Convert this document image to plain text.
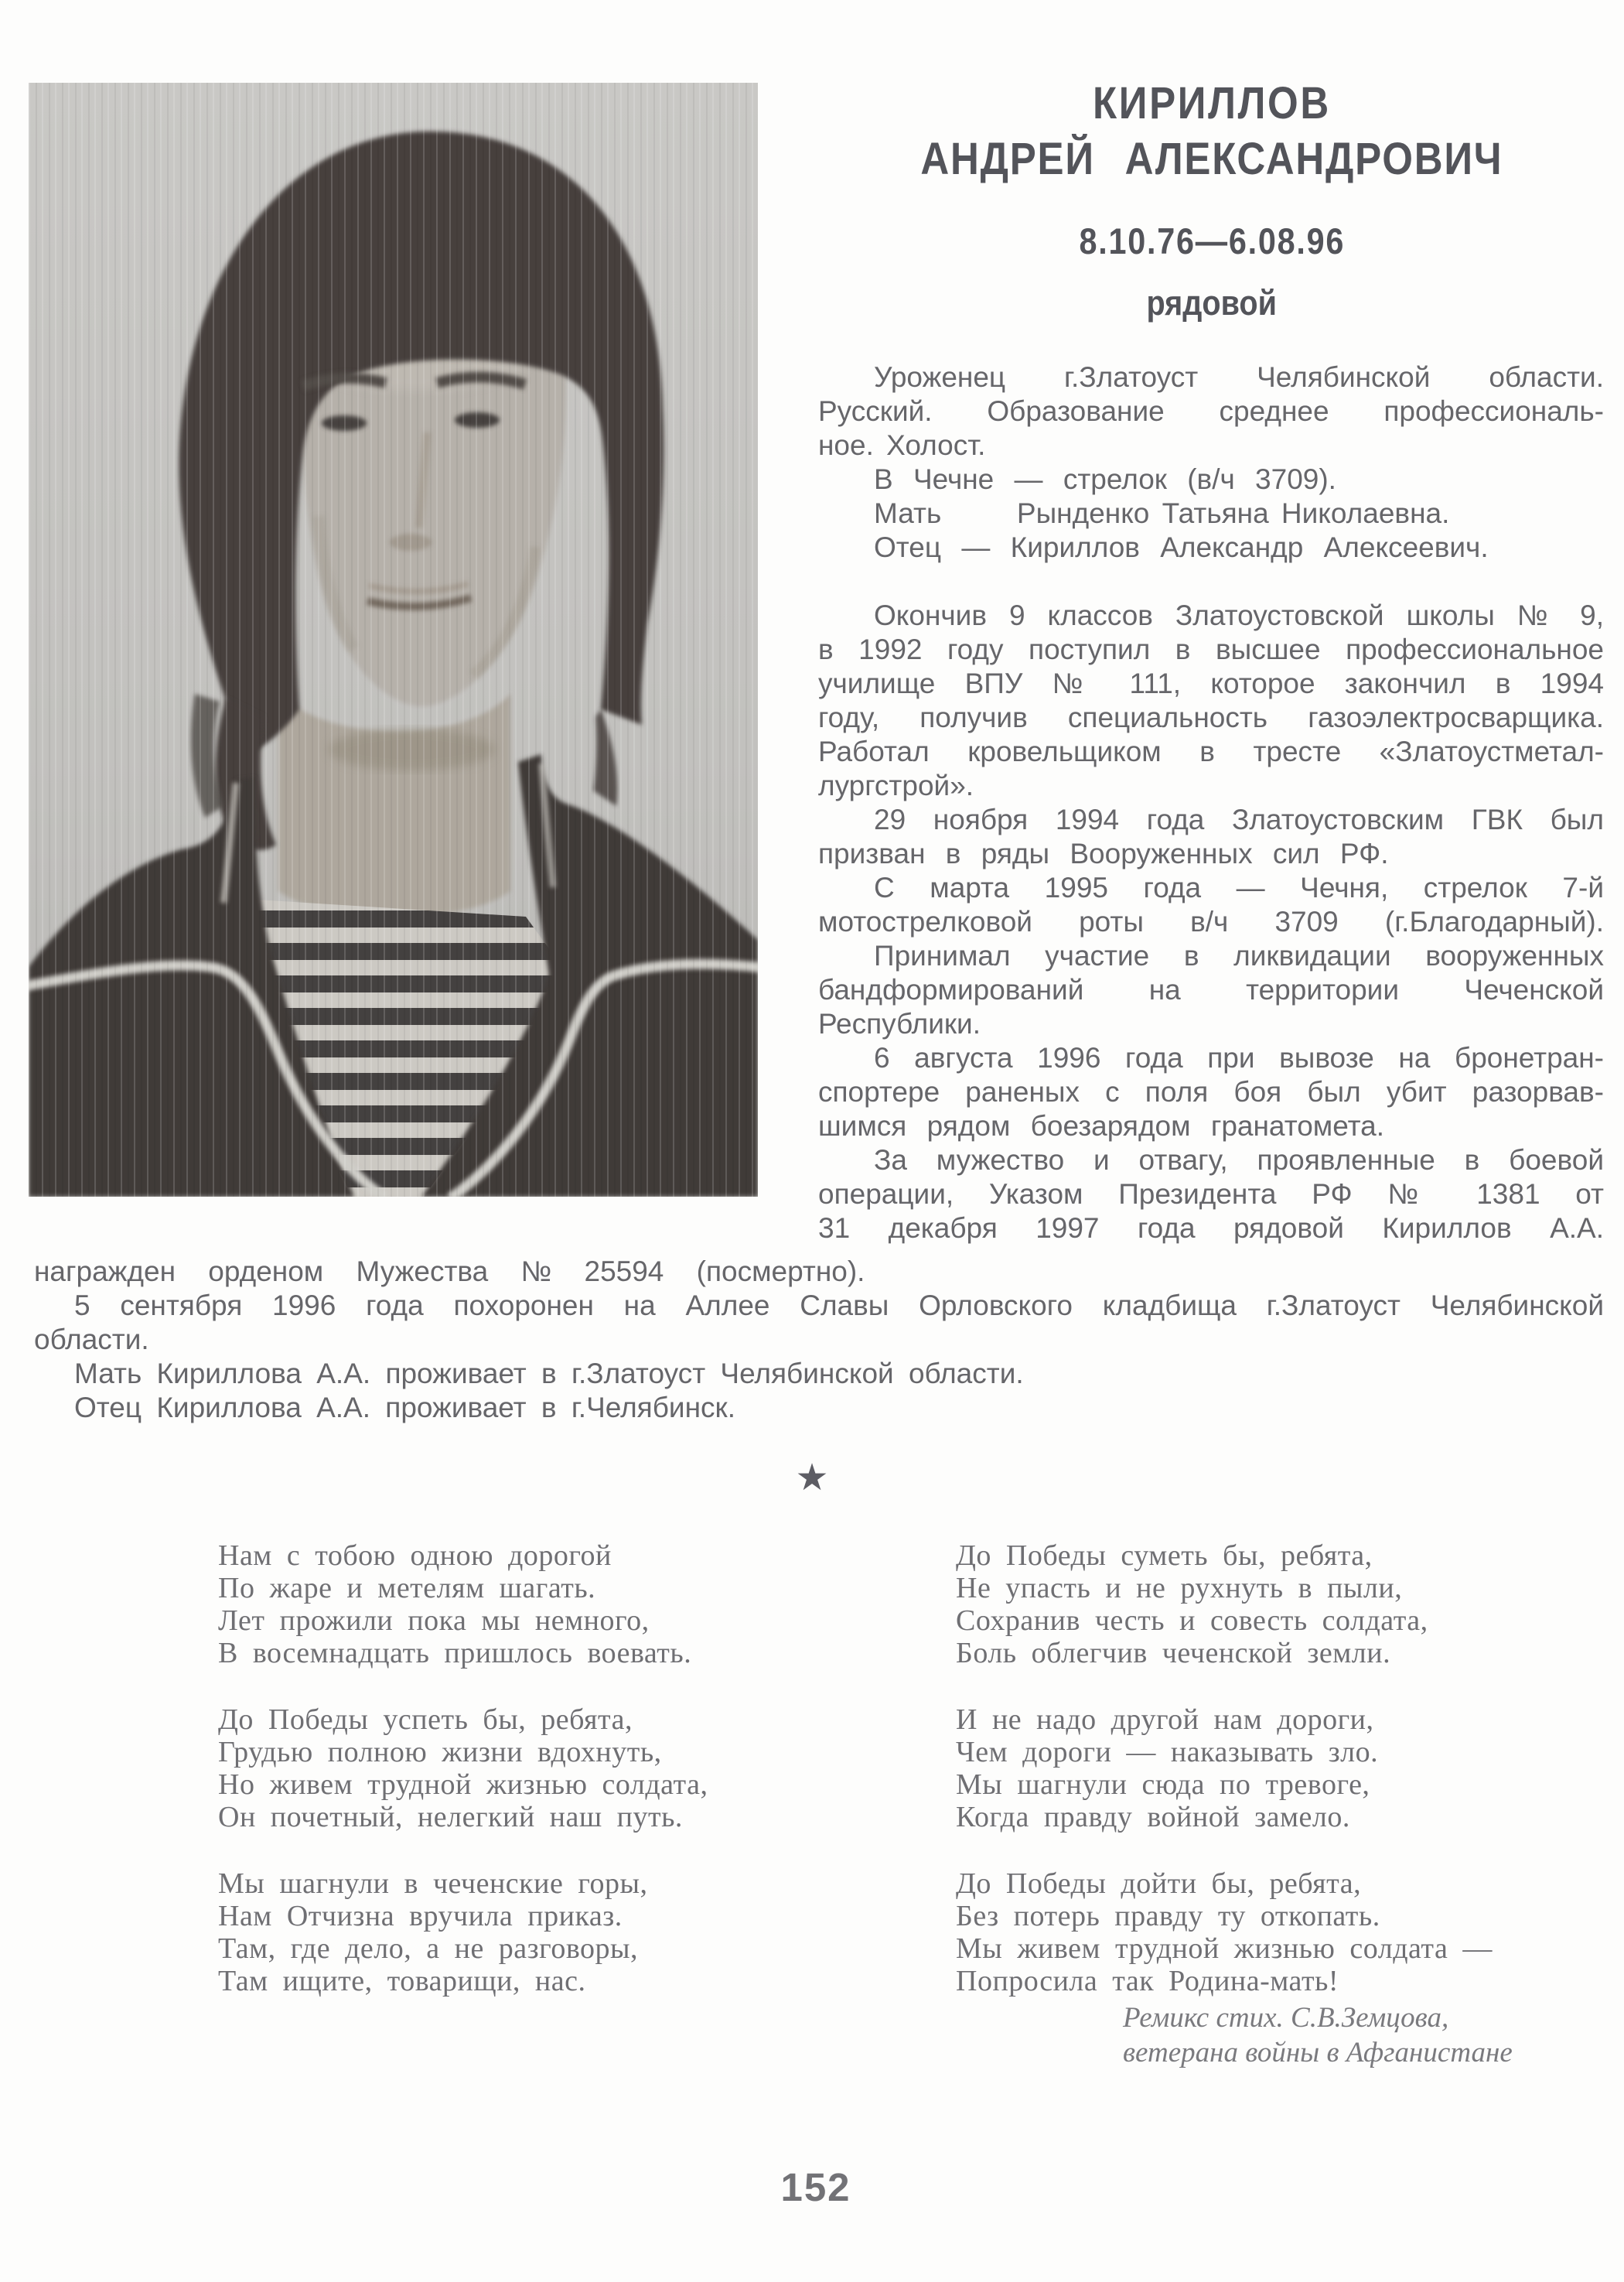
КИРИЛЛОВ
АНДРЕЙ АЛЕКСАНДРОВИЧ
8.10.76—6.08.96
рядовой
Уроженец г.Златоуст Челябинской области.
Русский. Образование среднее профессиональ-
ное. Холост.
В Чечне — стрелок (в/ч 3709).
Мать      Рынденко Татьяна Николаевна.
Отец — Кириллов Александр Алексеевич.
Окончив 9 классов Златоустовской школы № 9,
в 1992 году поступил в высшее профессиональное
училище ВПУ № 111, которое закончил в 1994
году, получив специальность газоэлектросварщика.
Работал кровельщиком в тресте «Златоустметал-
лургстрой».
29 ноября 1994 года Златоустовским ГВК был
призван в ряды Вооруженных сил РФ.
С марта 1995 года — Чечня, стрелок 7-й
мотострелковой роты в/ч 3709 (г.Благодарный).
Принимал участие в ликвидации вооруженных
бандформирований на территории Чеченской
Республики.
6 августа 1996 года при вывозе на бронетран-
спортере раненых с поля боя был убит разорвав-
шимся рядом боезарядом гранатомета.
За мужество и отвагу, проявленные в боевой
операции, Указом Президента РФ № 1381 от
31 декабря 1997 года рядовой Кириллов А.А.
награжден орденом Мужества № 25594 (посмертно).
5 сентября 1996 года похоронен на Аллее Славы Орловского кладбища г.Златоуст Челябинской
области.
Мать Кириллова А.А. проживает в г.Златоуст Челябинской области.
Отец Кириллова А.А. проживает в г.Челябинск.
★
Нам с тобою одною дорогой
По жаре и метелям шагать.
Лет прожили пока мы немного,
В восемнадцать пришлось воевать.
До Победы успеть бы, ребята,
Грудью полною жизни вдохнуть,
Но живем трудной жизнью солдата,
Он почетный, нелегкий наш путь.
Мы шагнули в чеченские горы,
Нам Отчизна вручила приказ.
Там, где дело, а не разговоры,
Там ищите, товарищи, нас.
До Победы суметь бы, ребята,
Не упасть и не рухнуть в пыли,
Сохранив честь и совесть солдата,
Боль облегчив чеченской земли.
И не надо другой нам дороги,
Чем дороги — наказывать зло.
Мы шагнули сюда по тревоге,
Когда правду войной замело.
До Победы дойти бы, ребята,
Без потерь правду ту откопать.
Мы живем трудной жизнью солдата —
Попросила так Родина-мать!
Ремикс стих. С.В.Земцова,
ветерана войны в Афганистане
152
